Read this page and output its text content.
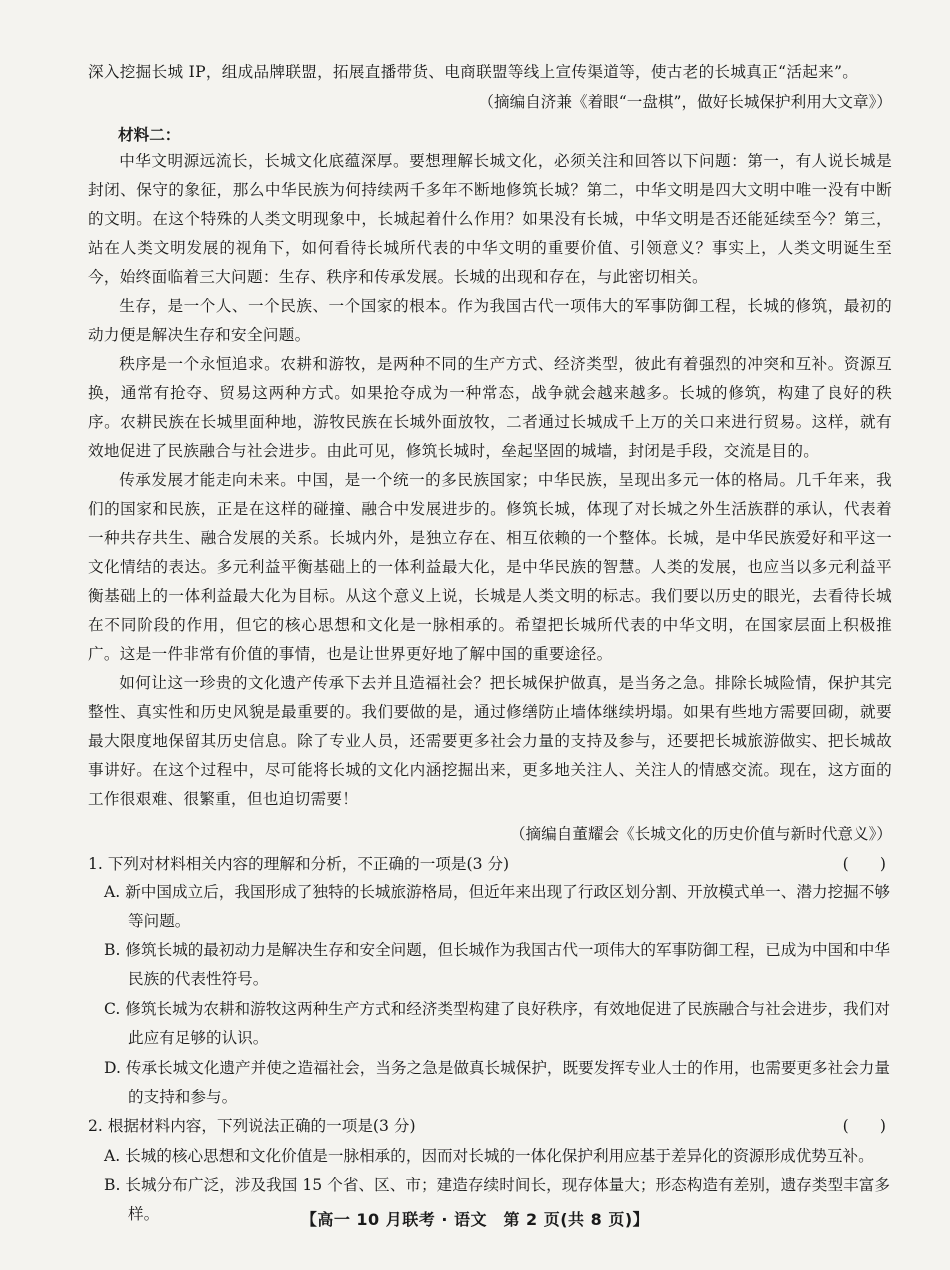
深入挖掘长城 IP，组成品牌联盟，拓展直播带货、电商联盟等线上宣传渠道等，使古老的长城真正“活起来”。

（摘编自济兼《着眼“一盘棋”，做好长城保护利用大文章》）
材料二：

中华文明源远流长，长城文化底蕴深厚。要想理解长城文化，必须关注和回答以下问题：第一，有人说长城是封闭、保守的象征，那么中华民族为何持续两千多年不断地修筑长城？第二，中华文明是四大文明中唯一没有中断的文明。在这个特殊的人类文明现象中，长城起着什么作用？如果没有长城，中华文明是否还能延续至今？第三，站在人类文明发展的视角下，如何看待长城所代表的中华文明的重要价值、引领意义？事实上，人类文明诞生至今，始终面临着三大问题：生存、秩序和传承发展。长城的出现和存在，与此密切相关。

生存，是一个人、一个民族、一个国家的根本。作为我国古代一项伟大的军事防御工程，长城的修筑，最初的动力便是解决生存和安全问题。

秩序是一个永恒追求。农耕和游牧，是两种不同的生产方式、经济类型，彼此有着强烈的冲突和互补。资源互换，通常有抢夺、贸易这两种方式。如果抢夺成为一种常态，战争就会越来越多。长城的修筑，构建了良好的秩序。农耕民族在长城里面种地，游牧民族在长城外面放牧，二者通过长城成千上万的关口来进行贸易。这样，就有效地促进了民族融合与社会进步。由此可见，修筑长城时，垒起坚固的城墙，封闭是手段，交流是目的。

传承发展才能走向未来。中国，是一个统一的多民族国家；中华民族，呈现出多元一体的格局。几千年来，我们的国家和民族，正是在这样的碰撞、融合中发展进步的。修筑长城，体现了对长城之外生活族群的承认，代表着一种共存共生、融合发展的关系。长城内外，是独立存在、相互依赖的一个整体。长城，是中华民族爱好和平这一文化情结的表达。多元利益平衡基础上的一体利益最大化，是中华民族的智慧。人类的发展，也应当以多元利益平衡基础上的一体利益最大化为目标。从这个意义上说，长城是人类文明的标志。我们要以历史的眼光，去看待长城在不同阶段的作用，但它的核心思想和文化是一脉相承的。希望把长城所代表的中华文明，在国家层面上积极推广。这是一件非常有价值的事情，也是让世界更好地了解中国的重要途径。

如何让这一珍贵的文化遗产传承下去并且造福社会？把长城保护做真，是当务之急。排除长城险情，保护其完整性、真实性和历史风貌是最重要的。我们要做的是，通过修缮防止墙体继续坍塌。如果有些地方需要回砌，就要最大限度地保留其历史信息。除了专业人员，还需要更多社会力量的支持及参与，还要把长城旅游做实、把长城故事讲好。在这个过程中，尽可能将长城的文化内涵挖掘出来，更多地关注人、关注人的情感交流。现在，这方面的工作很艰难、很繁重，但也迫切需要！

（摘编自董耀会《长城文化的历史价值与新时代意义》）
1. 下列对材料相关内容的理解和分析，不正确的一项是(3 分)	(　　)
A. 新中国成立后，我国形成了独特的长城旅游格局，但近年来出现了行政区划分割、开放模式单一、潜力挖掘不够等问题。
B. 修筑长城的最初动力是解决生存和安全问题，但长城作为我国古代一项伟大的军事防御工程，已成为中国和中华民族的代表性符号。
C. 修筑长城为农耕和游牧这两种生产方式和经济类型构建了良好秩序，有效地促进了民族融合与社会进步，我们对此应有足够的认识。
D. 传承长城文化遗产并使之造福社会，当务之急是做真长城保护，既要发挥专业人士的作用，也需要更多社会力量的支持和参与。
2. 根据材料内容，下列说法正确的一项是(3 分)	(　　)
A. 长城的核心思想和文化价值是一脉相承的，因而对长城的一体化保护利用应基于差异化的资源形成优势互补。
B. 长城分布广泛，涉及我国 15 个省、区、市；建造存续时间长，现存体量大；形态构造有差别，遗存类型丰富多样。	【高一 10 月联考 · 语文　第 2 页(共 8 页)】
